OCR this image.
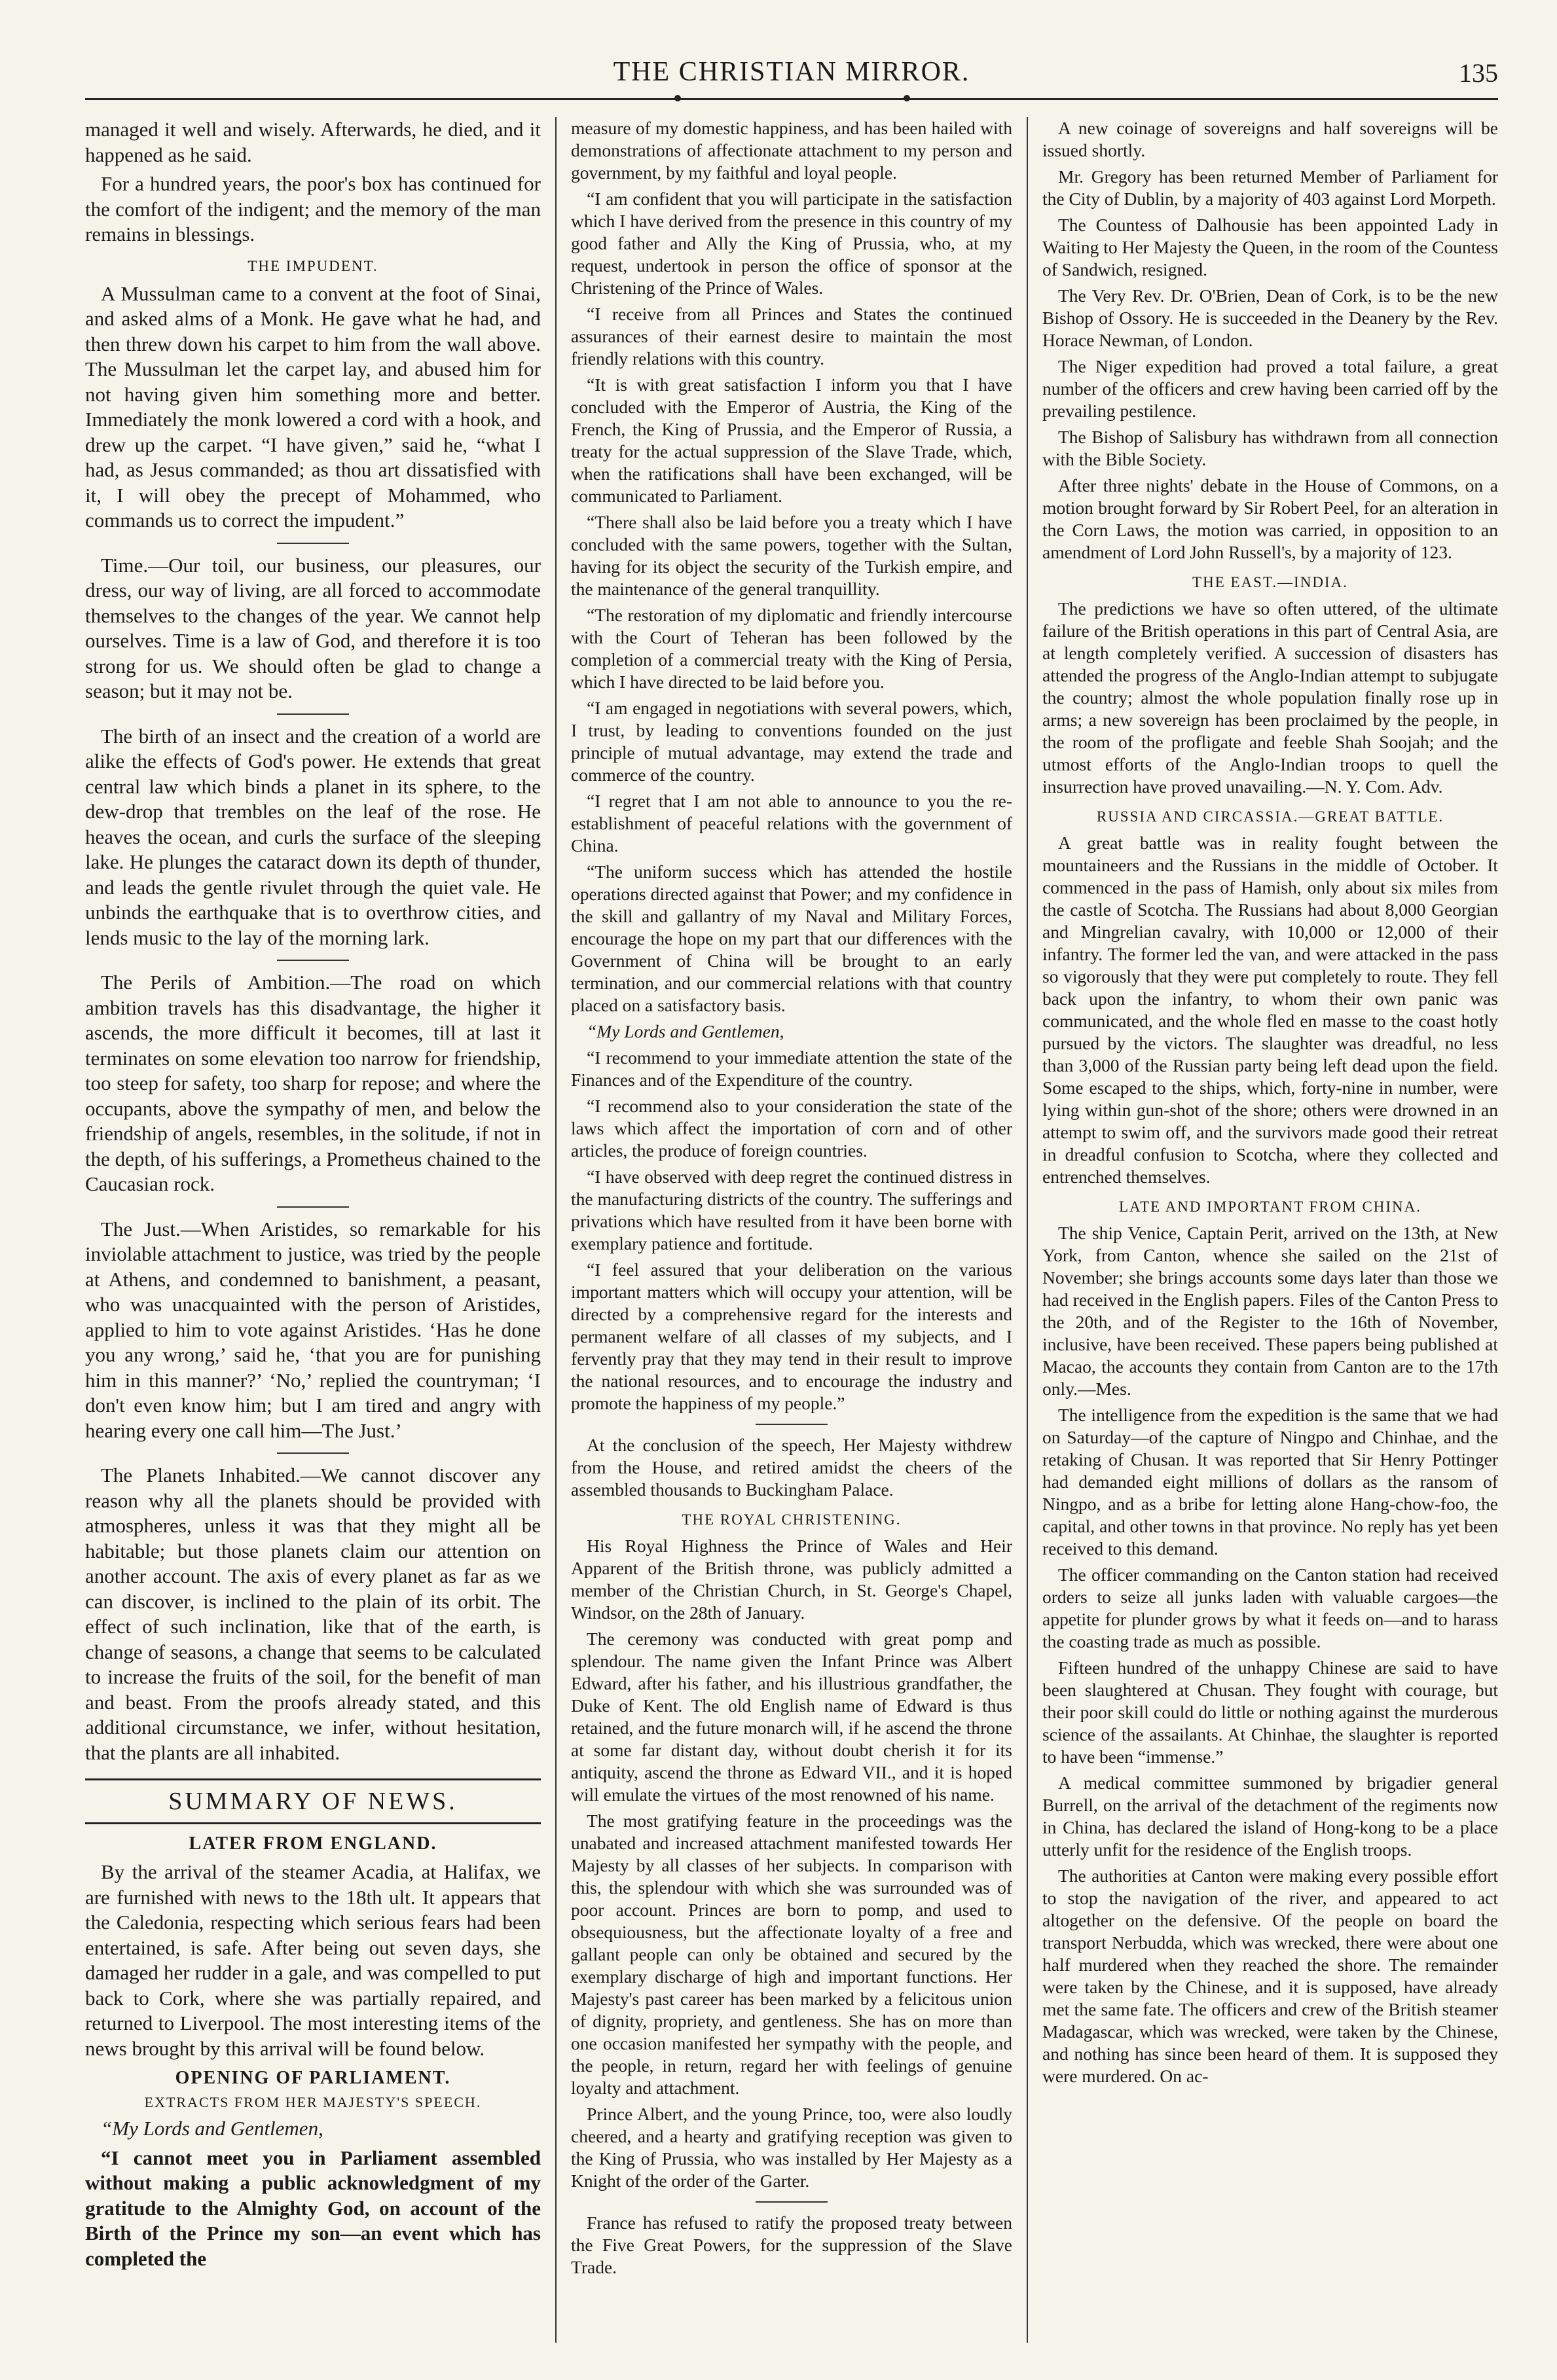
THE CHRISTIAN MIRROR.	135

managed it well and wisely. Afterwards, he died, and it happened as he said.

For a hundred years, the poor's box has continued for the comfort of the indigent; and the memory of the man remains in blessings.

THE IMPUDENT.

A Mussulman came to a convent at the foot of Sinai, and asked alms of a Monk. He gave what he had, and then threw down his carpet to him from the wall above. The Mussulman let the carpet lay, and abused him for not having given him something more and better. Immediately the monk lowered a cord with a hook, and drew up the carpet. “I have given,” said he, “what I had, as Jesus commanded; as thou art dissatisfied with it, I will obey the precept of Mohammed, who commands us to correct the impudent.”

Time.—Our toil, our business, our pleasures, our dress, our way of living, are all forced to accommodate themselves to the changes of the year. We cannot help ourselves. Time is a law of God, and therefore it is too strong for us. We should often be glad to change a season; but it may not be.

The birth of an insect and the creation of a world are alike the effects of God's power. He extends that great central law which binds a planet in its sphere, to the dew-drop that trembles on the leaf of the rose. He heaves the ocean, and curls the surface of the sleeping lake. He plunges the cataract down its depth of thunder, and leads the gentle rivulet through the quiet vale. He unbinds the earthquake that is to overthrow cities, and lends music to the lay of the morning lark.

The Perils of Ambition.—The road on which ambition travels has this disadvantage, the higher it ascends, the more difficult it becomes, till at last it terminates on some elevation too narrow for friendship, too steep for safety, too sharp for repose; and where the occupants, above the sympathy of men, and below the friendship of angels, resembles, in the solitude, if not in the depth, of his sufferings, a Prometheus chained to the Caucasian rock.

The Just.—When Aristides, so remarkable for his inviolable attachment to justice, was tried by the people at Athens, and condemned to banishment, a peasant, who was unacquainted with the person of Aristides, applied to him to vote against Aristides. ‘Has he done you any wrong,’ said he, ‘that you are for punishing him in this manner?’ ‘No,’ replied the countryman; ‘I don't even know him; but I am tired and angry with hearing every one call him—The Just.’

The Planets Inhabited.—We cannot discover any reason why all the planets should be provided with atmospheres, unless it was that they might all be habitable; but those planets claim our attention on another account. The axis of every planet as far as we can discover, is inclined to the plain of its orbit. The effect of such inclination, like that of the earth, is change of seasons, a change that seems to be calculated to increase the fruits of the soil, for the benefit of man and beast. From the proofs already stated, and this additional circumstance, we infer, without hesitation, that the plants are all inhabited.

SUMMARY OF NEWS.
LATER FROM ENGLAND.

By the arrival of the steamer Acadia, at Halifax, we are furnished with news to the 18th ult. It appears that the Caledonia, respecting which serious fears had been entertained, is safe. After being out seven days, she damaged her rudder in a gale, and was compelled to put back to Cork, where she was partially repaired, and returned to Liverpool. The most interesting items of the news brought by this arrival will be found below.

OPENING OF PARLIAMENT.
EXTRACTS FROM HER MAJESTY'S SPEECH.

“My Lords and Gentlemen,

“I cannot meet you in Parliament assembled without making a public acknowledgment of my gratitude to the Almighty God, on account of the Birth of the Prince my son—an event which has completed the

measure of my domestic happiness, and has been hailed with demonstrations of affectionate attachment to my person and government, by my faithful and loyal people.

“I am confident that you will participate in the satisfaction which I have derived from the presence in this country of my good father and Ally the King of Prussia, who, at my request, undertook in person the office of sponsor at the Christening of the Prince of Wales.

“I receive from all Princes and States the continued assurances of their earnest desire to maintain the most friendly relations with this country.

“It is with great satisfaction I inform you that I have concluded with the Emperor of Austria, the King of the French, the King of Prussia, and the Emperor of Russia, a treaty for the actual suppression of the Slave Trade, which, when the ratifications shall have been exchanged, will be communicated to Parliament.

“There shall also be laid before you a treaty which I have concluded with the same powers, together with the Sultan, having for its object the security of the Turkish empire, and the maintenance of the general tranquillity.

“The restoration of my diplomatic and friendly intercourse with the Court of Teheran has been followed by the completion of a commercial treaty with the King of Persia, which I have directed to be laid before you.

“I am engaged in negotiations with several powers, which, I trust, by leading to conventions founded on the just principle of mutual advantage, may extend the trade and commerce of the country.

“I regret that I am not able to announce to you the re-establishment of peaceful relations with the government of China.

“The uniform success which has attended the hostile operations directed against that Power; and my confidence in the skill and gallantry of my Naval and Military Forces, encourage the hope on my part that our differences with the Government of China will be brought to an early termination, and our commercial relations with that country placed on a satisfactory basis.

“My Lords and Gentlemen,

“I recommend to your immediate attention the state of the Finances and of the Expenditure of the country.

“I recommend also to your consideration the state of the laws which affect the importation of corn and of other articles, the produce of foreign countries.

“I have observed with deep regret the continued distress in the manufacturing districts of the country. The sufferings and privations which have resulted from it have been borne with exemplary patience and fortitude.

“I feel assured that your deliberation on the various important matters which will occupy your attention, will be directed by a comprehensive regard for the interests and permanent welfare of all classes of my subjects, and I fervently pray that they may tend in their result to improve the national resources, and to encourage the industry and promote the happiness of my people.”

At the conclusion of the speech, Her Majesty withdrew from the House, and retired amidst the cheers of the assembled thousands to Buckingham Palace.

THE ROYAL CHRISTENING.

His Royal Highness the Prince of Wales and Heir Apparent of the British throne, was publicly admitted a member of the Christian Church, in St. George's Chapel, Windsor, on the 28th of January.

The ceremony was conducted with great pomp and splendour. The name given the Infant Prince was Albert Edward, after his father, and his illustrious grandfather, the Duke of Kent. The old English name of Edward is thus retained, and the future monarch will, if he ascend the throne at some far distant day, without doubt cherish it for its antiquity, ascend the throne as Edward VII., and it is hoped will emulate the virtues of the most renowned of his name.

The most gratifying feature in the proceedings was the unabated and increased attachment manifested towards Her Majesty by all classes of her subjects. In comparison with this, the splendour with which she was surrounded was of poor account. Princes are born to pomp, and used to obsequiousness, but the affectionate loyalty of a free and gallant people can only be obtained and secured by the exemplary discharge of high and important functions. Her Majesty's past career has been marked by a felicitous union of dignity, propriety, and gentleness. She has on more than one occasion manifested her sympathy with the people, and the people, in return, regard her with feelings of genuine loyalty and attachment.

Prince Albert, and the young Prince, too, were also loudly cheered, and a hearty and gratifying reception was given to the King of Prussia, who was installed by Her Majesty as a Knight of the order of the Garter.

France has refused to ratify the proposed treaty between the Five Great Powers, for the suppression of the Slave Trade.

A new coinage of sovereigns and half sovereigns will be issued shortly.

Mr. Gregory has been returned Member of Parliament for the City of Dublin, by a majority of 403 against Lord Morpeth.

The Countess of Dalhousie has been appointed Lady in Waiting to Her Majesty the Queen, in the room of the Countess of Sandwich, resigned.

The Very Rev. Dr. O'Brien, Dean of Cork, is to be the new Bishop of Ossory. He is succeeded in the Deanery by the Rev. Horace Newman, of London.

The Niger expedition had proved a total failure, a great number of the officers and crew having been carried off by the prevailing pestilence.

The Bishop of Salisbury has withdrawn from all connection with the Bible Society.

After three nights' debate in the House of Commons, on a motion brought forward by Sir Robert Peel, for an alteration in the Corn Laws, the motion was carried, in opposition to an amendment of Lord John Russell's, by a majority of 123.

THE EAST.—INDIA.

The predictions we have so often uttered, of the ultimate failure of the British operations in this part of Central Asia, are at length completely verified. A succession of disasters has attended the progress of the Anglo-Indian attempt to subjugate the country; almost the whole population finally rose up in arms; a new sovereign has been proclaimed by the people, in the room of the profligate and feeble Shah Soojah; and the utmost efforts of the Anglo-Indian troops to quell the insurrection have proved unavailing.—N. Y. Com. Adv.

RUSSIA AND CIRCASSIA.—GREAT BATTLE.

A great battle was in reality fought between the mountaineers and the Russians in the middle of October. It commenced in the pass of Hamish, only about six miles from the castle of Scotcha. The Russians had about 8,000 Georgian and Mingrelian cavalry, with 10,000 or 12,000 of their infantry. The former led the van, and were attacked in the pass so vigorously that they were put completely to route. They fell back upon the infantry, to whom their own panic was communicated, and the whole fled en masse to the coast hotly pursued by the victors. The slaughter was dreadful, no less than 3,000 of the Russian party being left dead upon the field. Some escaped to the ships, which, forty-nine in number, were lying within gun-shot of the shore; others were drowned in an attempt to swim off, and the survivors made good their retreat in dreadful confusion to Scotcha, where they collected and entrenched themselves.

LATE AND IMPORTANT FROM CHINA.

The ship Venice, Captain Perit, arrived on the 13th, at New York, from Canton, whence she sailed on the 21st of November; she brings accounts some days later than those we had received in the English papers. Files of the Canton Press to the 20th, and of the Register to the 16th of November, inclusive, have been received. These papers being published at Macao, the accounts they contain from Canton are to the 17th only.—Mes.

The intelligence from the expedition is the same that we had on Saturday—of the capture of Ningpo and Chinhae, and the retaking of Chusan. It was reported that Sir Henry Pottinger had demanded eight millions of dollars as the ransom of Ningpo, and as a bribe for letting alone Hang-chow-foo, the capital, and other towns in that province. No reply has yet been received to this demand.

The officer commanding on the Canton station had received orders to seize all junks laden with valuable cargoes—the appetite for plunder grows by what it feeds on—and to harass the coasting trade as much as possible.

Fifteen hundred of the unhappy Chinese are said to have been slaughtered at Chusan. They fought with courage, but their poor skill could do little or nothing against the murderous science of the assailants. At Chinhae, the slaughter is reported to have been “immense.”

A medical committee summoned by brigadier general Burrell, on the arrival of the detachment of the regiments now in China, has declared the island of Hong-kong to be a place utterly unfit for the residence of the English troops.

The authorities at Canton were making every possible effort to stop the navigation of the river, and appeared to act altogether on the defensive. Of the people on board the transport Nerbudda, which was wrecked, there were about one half murdered when they reached the shore. The remainder were taken by the Chinese, and it is supposed, have already met the same fate. The officers and crew of the British steamer Madagascar, which was wrecked, were taken by the Chinese, and nothing has since been heard of them. It is supposed they were murdered. On ac-
